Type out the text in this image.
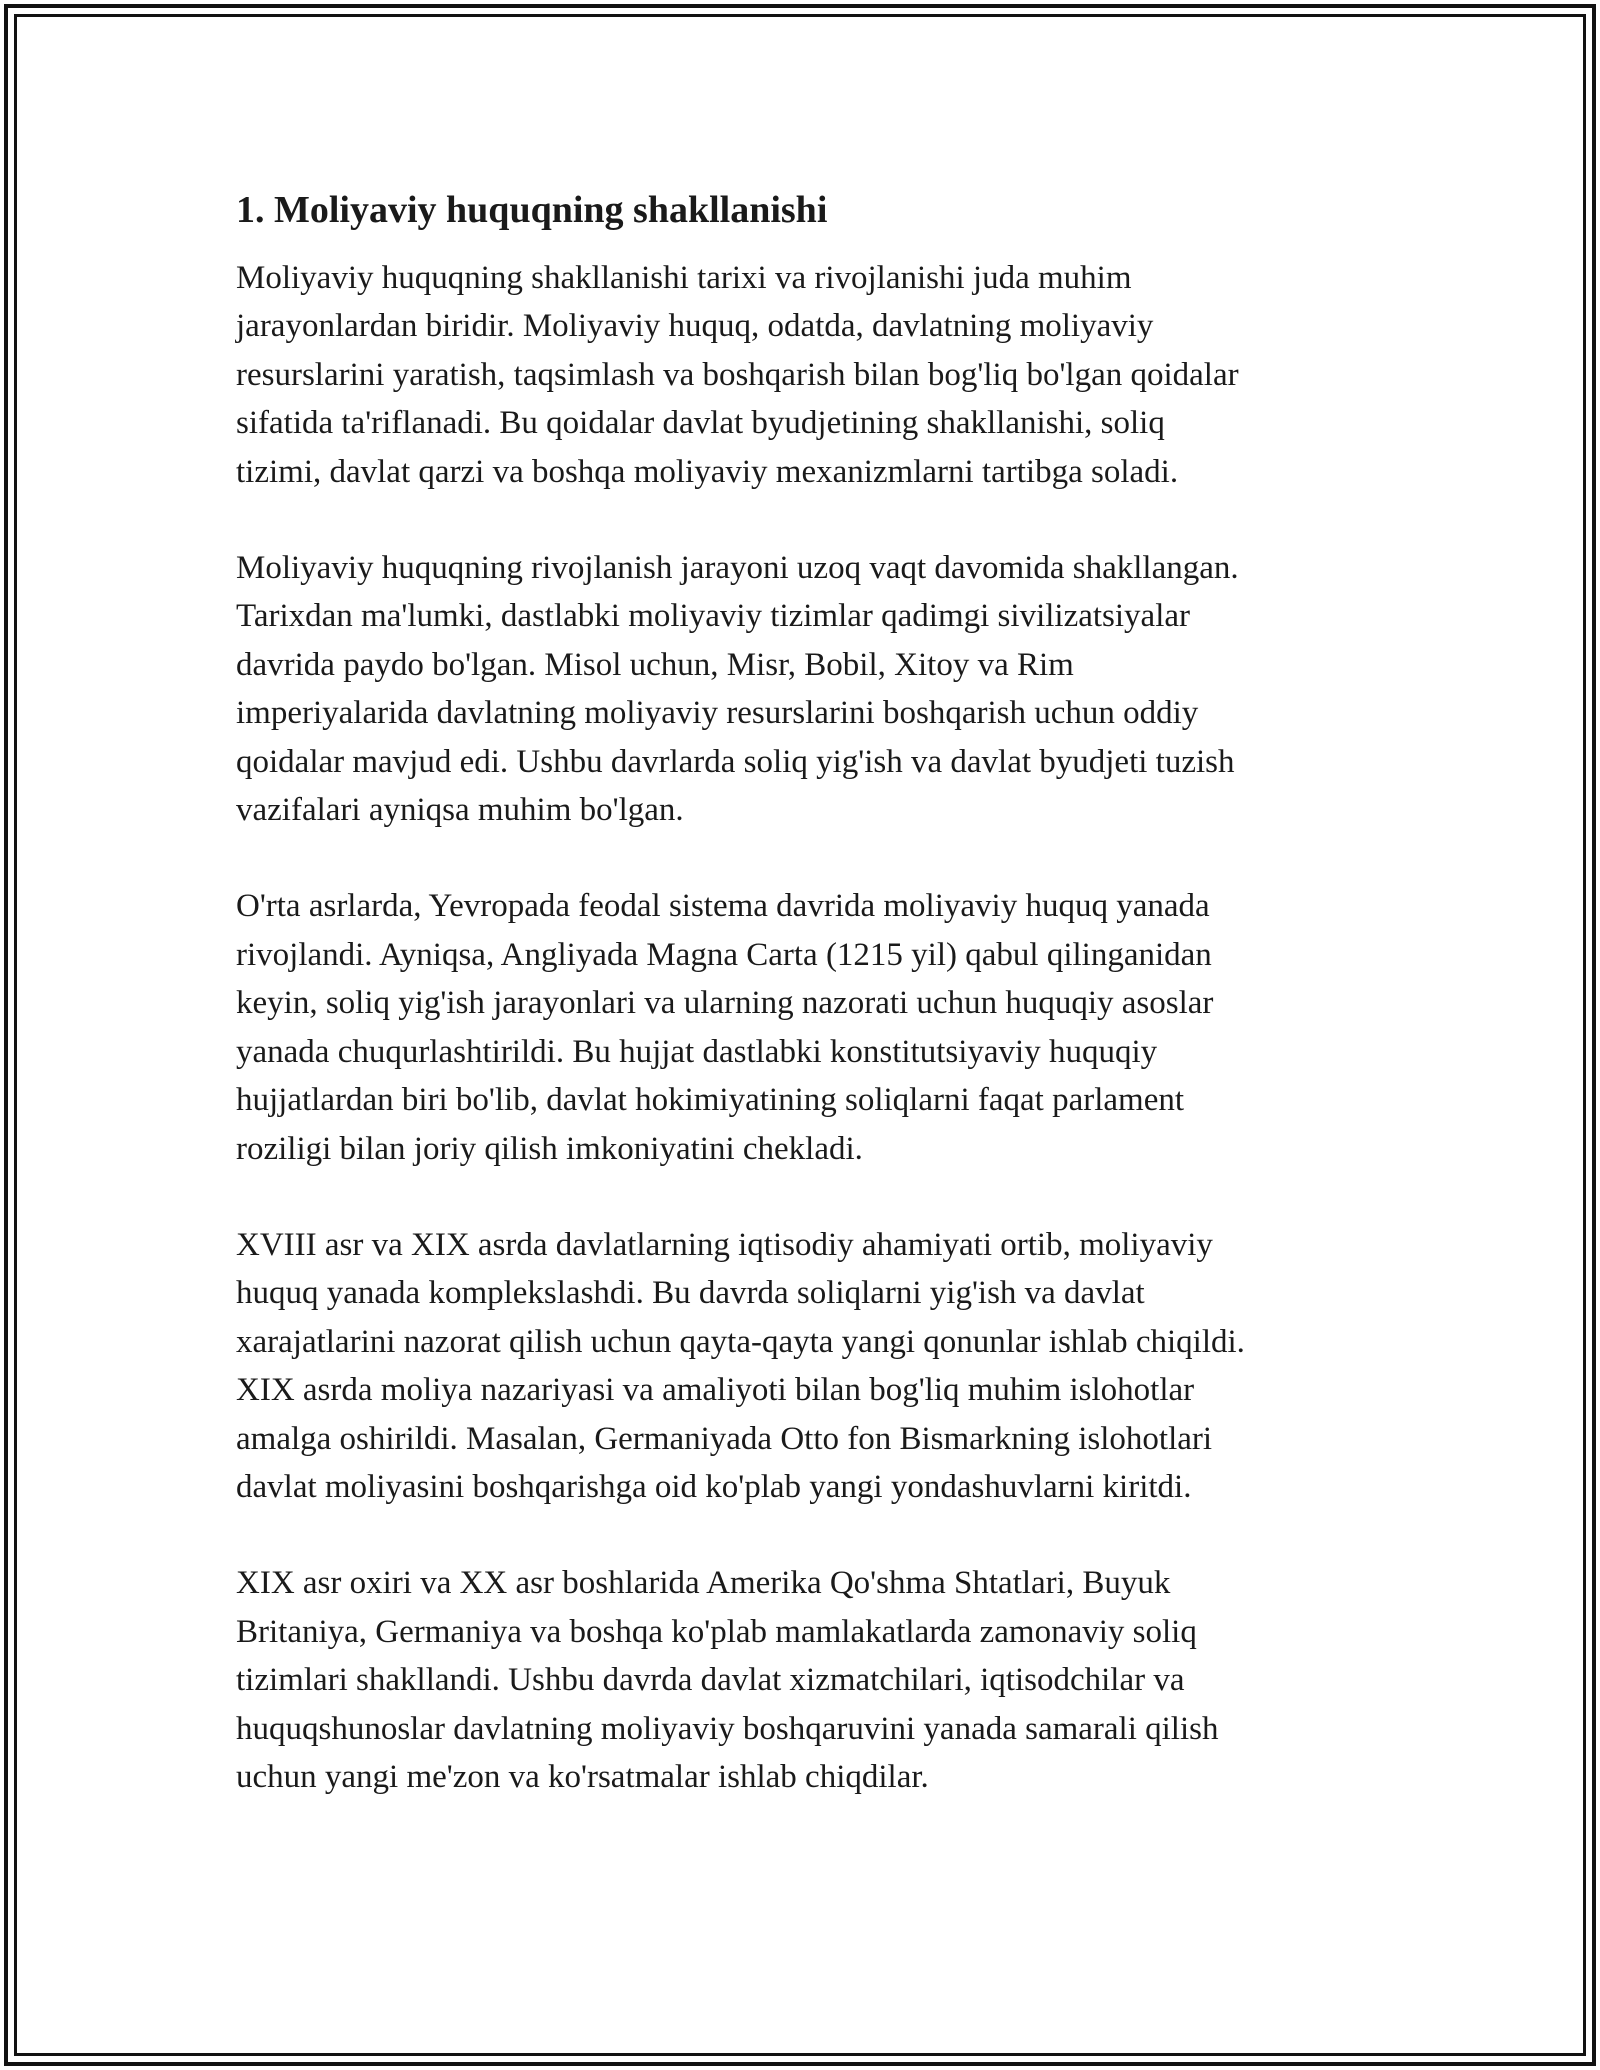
1. Moliyaviy huquqning shakllanishi
Moliyaviy huquqning shakllanishi tarixi va rivojlanishi juda muhim
jarayonlardan biridir. Moliyaviy huquq, odatda, davlatning moliyaviy
resurslarini yaratish, taqsimlash va boshqarish bilan bog'liq bo'lgan qoidalar
sifatida ta'riflanadi. Bu qoidalar davlat byudjetining shakllanishi, soliq
tizimi, davlat qarzi va boshqa moliyaviy mexanizmlarni tartibga soladi.
Moliyaviy huquqning rivojlanish jarayoni uzoq vaqt davomida shakllangan.
Tarixdan ma'lumki, dastlabki moliyaviy tizimlar qadimgi sivilizatsiyalar
davrida paydo bo'lgan. Misol uchun, Misr, Bobil, Xitoy va Rim
imperiyalarida davlatning moliyaviy resurslarini boshqarish uchun oddiy
qoidalar mavjud edi. Ushbu davrlarda soliq yig'ish va davlat byudjeti tuzish
vazifalari ayniqsa muhim bo'lgan.
O'rta asrlarda, Yevropada feodal sistema davrida moliyaviy huquq yanada
rivojlandi. Ayniqsa, Angliyada Magna Carta (1215 yil) qabul qilinganidan
keyin, soliq yig'ish jarayonlari va ularning nazorati uchun huquqiy asoslar
yanada chuqurlashtirildi. Bu hujjat dastlabki konstitutsiyaviy huquqiy
hujjatlardan biri bo'lib, davlat hokimiyatining soliqlarni faqat parlament
roziligi bilan joriy qilish imkoniyatini chekladi.
XVIII asr va XIX asrda davlatlarning iqtisodiy ahamiyati ortib, moliyaviy
huquq yanada komplekslashdi. Bu davrda soliqlarni yig'ish va davlat
xarajatlarini nazorat qilish uchun qayta-qayta yangi qonunlar ishlab chiqildi.
XIX asrda moliya nazariyasi va amaliyoti bilan bog'liq muhim islohotlar
amalga oshirildi. Masalan, Germaniyada Otto fon Bismarkning islohotlari
davlat moliyasini boshqarishga oid ko'plab yangi yondashuvlarni kiritdi.
XIX asr oxiri va XX asr boshlarida Amerika Qo'shma Shtatlari, Buyuk
Britaniya, Germaniya va boshqa ko'plab mamlakatlarda zamonaviy soliq
tizimlari shakllandi. Ushbu davrda davlat xizmatchilari, iqtisodchilar va
huquqshunoslar davlatning moliyaviy boshqaruvini yanada samarali qilish
uchun yangi me'zon va ko'rsatmalar ishlab chiqdilar.
